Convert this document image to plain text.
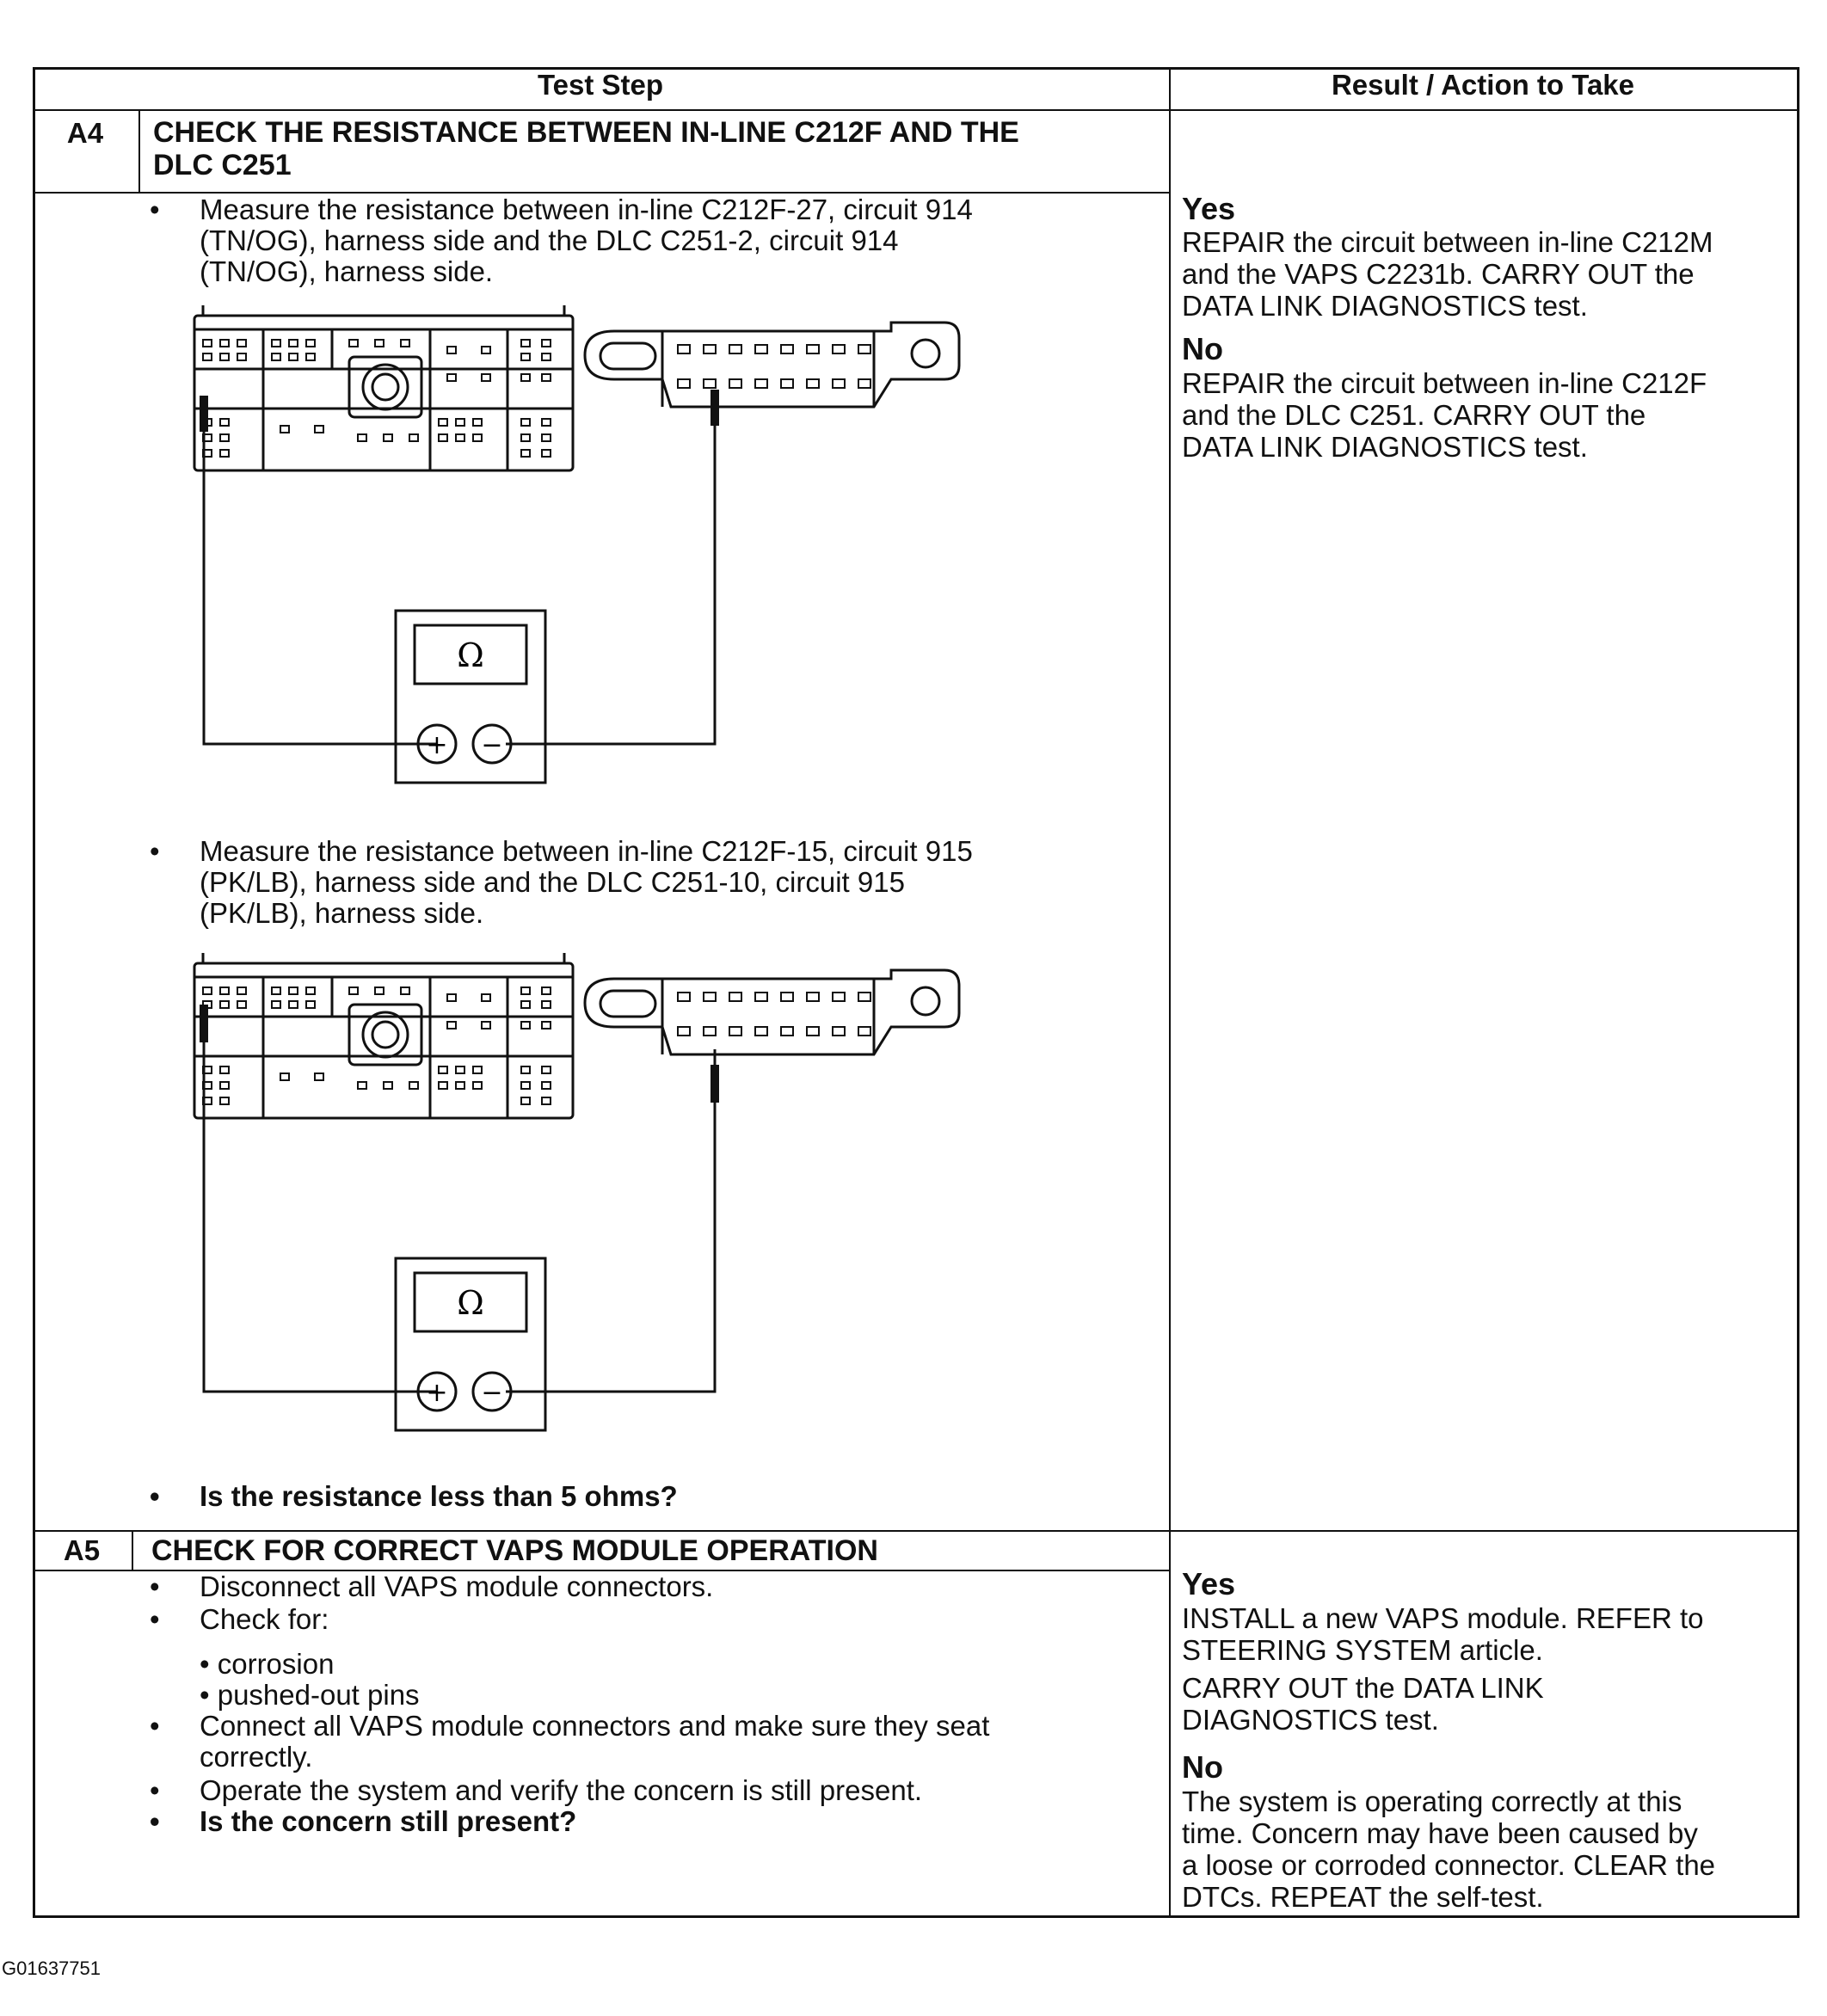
Test Step	Result / Action to Take
A4	CHECK THE RESISTANCE BETWEEN IN-LINE C212F AND THE
DLC C251
• Measure the resistance between in-line C212F-27, circuit 914
(TN/OG), harness side and the DLC C251-2, circuit 914
(TN/OG), harness side.
Ω
+ −
• Measure the resistance between in-line C212F-15, circuit 915
(PK/LB), harness side and the DLC C251-10, circuit 915
(PK/LB), harness side.
Ω
+ −
• Is the resistance less than 5 ohms?
Yes
REPAIR the circuit between in-line C212M
and the VAPS C2231b. CARRY OUT the
DATA LINK DIAGNOSTICS test.
No
REPAIR the circuit between in-line C212F
and the DLC C251. CARRY OUT the
DATA LINK DIAGNOSTICS test.
A5	CHECK FOR CORRECT VAPS MODULE OPERATION
• Disconnect all VAPS module connectors.
• Check for:
• corrosion
• pushed-out pins
• Connect all VAPS module connectors and make sure they seat
correctly.
• Operate the system and verify the concern is still present.
• Is the concern still present?
Yes
INSTALL a new VAPS module. REFER to
STEERING SYSTEM article.
CARRY OUT the DATA LINK
DIAGNOSTICS test.
No
The system is operating correctly at this
time. Concern may have been caused by
a loose or corroded connector. CLEAR the
DTCs. REPEAT the self-test.
G01637751
